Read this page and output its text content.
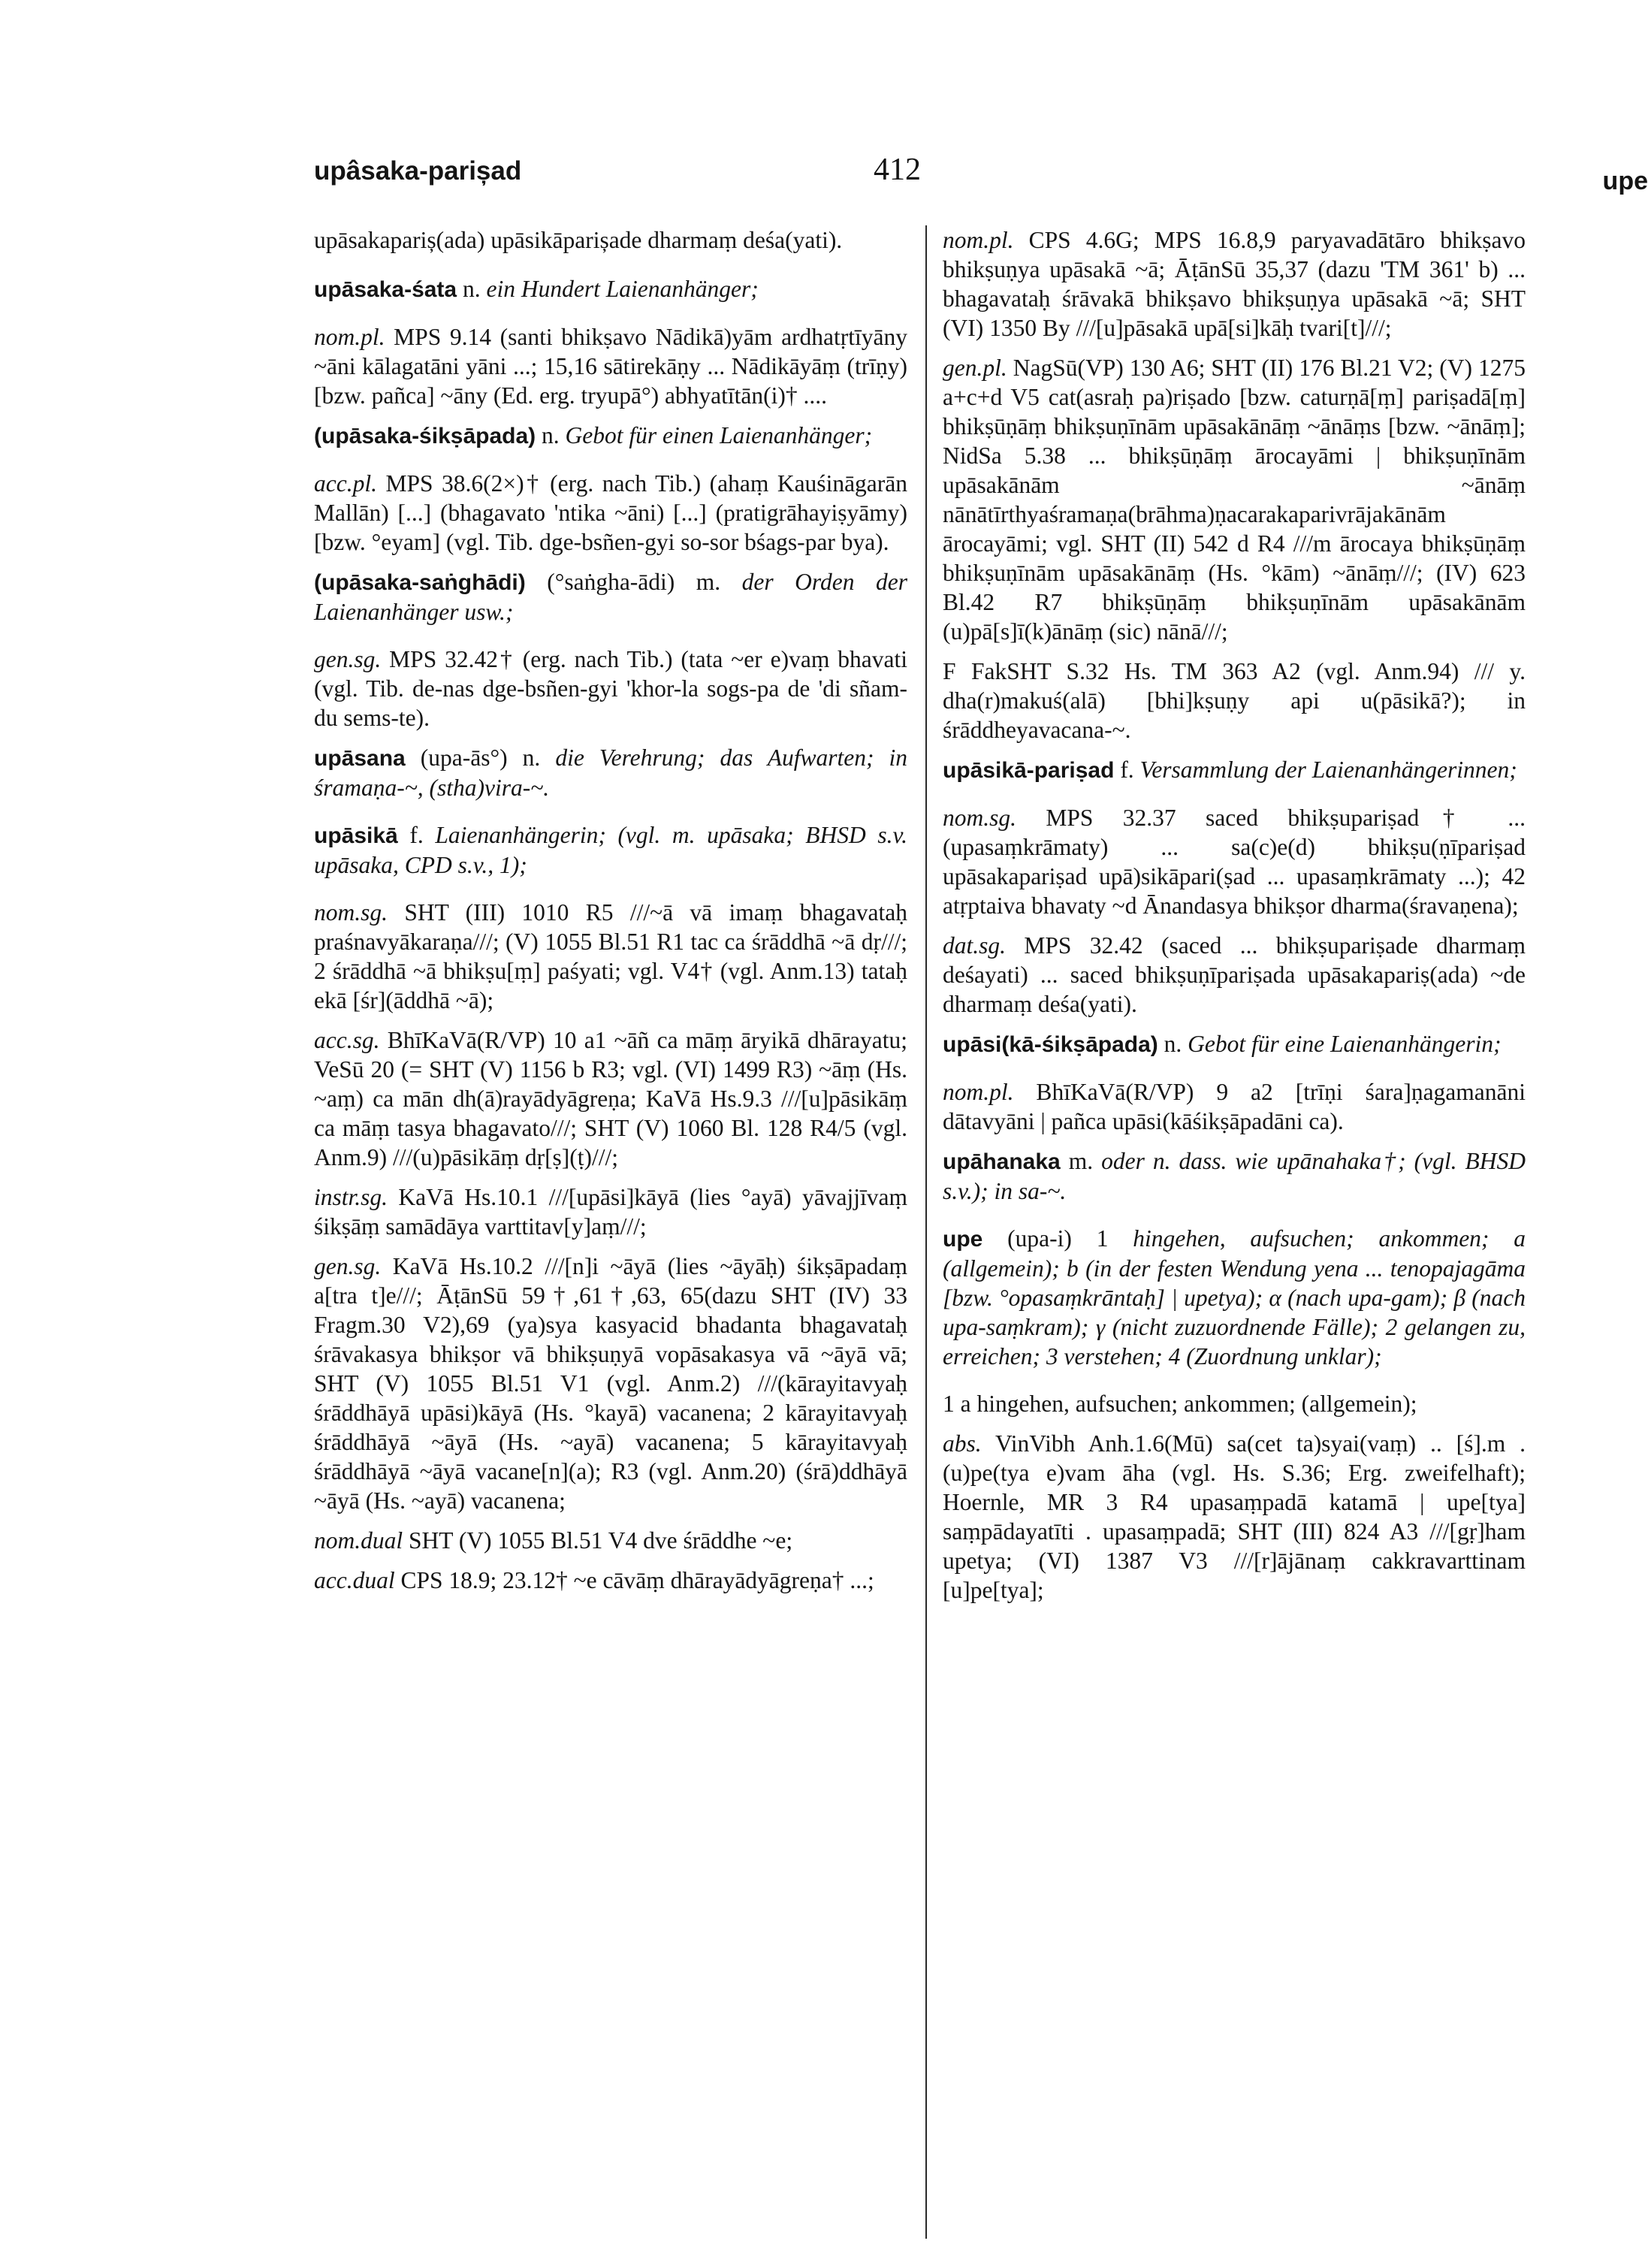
upâsaka-parișad	412	upe
upāsakapariș(ada) upāsikāparișade dharmaṃ deśa(yati).
upāsaka-śata n. ein Hundert Laienanhänger;
nom.pl. MPS 9.14 (santi bhikṣavo Nādikā)yām ardhatṛtīyāny ~āni kālagatāni yāni ...; 15,16 sātirekāṇy ... Nādikāyāṃ (trīṇy) [bzw. pañca] ~āny (Ed. erg. tryupā°) abhyatītān(i)† ....
(upāsaka-śikṣāpada) n. Gebot für einen Laienanhänger;
acc.pl. MPS 38.6(2×)† (erg. nach Tib.) (ahaṃ Kauśināgarān Mallān) [...] (bhagavato 'ntika ~āni) [...] (pratigrāhayiṣyāmy) [bzw. °eyam] (vgl. Tib. dge-bsñen-gyi so-sor bśags-par bya).
(upāsaka-saṅghādi) (°saṅgha-ādi) m. der Orden der Laienanhänger usw.;
gen.sg. MPS 32.42† (erg. nach Tib.) (tata ~er e)vaṃ bhavati (vgl. Tib. de-nas dge-bsñen-gyi 'khor-la sogs-pa de 'di sñam-du sems-te).
upāsana (upa-ās°) n. die Verehrung; das Aufwarten; in śramaṇa-~, (stha)vira-~.
upāsikā f. Laienanhängerin; (vgl. m. upāsaka; BHSD s.v. upāsaka, CPD s.v., 1);
nom.sg. SHT (III) 1010 R5 ///~ā vā imaṃ bhagavataḥ praśnavyākaraṇa///; (V) 1055 Bl.51 R1 tac ca śrāddhā ~ā dṛ///; 2 śrāddhā ~ā bhikṣu[ṃ] paśyati; vgl. V4† (vgl. Anm.13) tataḥ ekā [śr](āddhā ~ā);
acc.sg. BhīKaVā(R/VP) 10 a1 ~āñ ca māṃ āryikā dhārayatu; VeSū 20 (= SHT (V) 1156 b R3; vgl. (VI) 1499 R3) ~āṃ (Hs. ~aṃ) ca mān dh(ā)rayādyāgreṇa; KaVā Hs.9.3 ///[u]pāsikāṃ ca māṃ tasya bhagavato///; SHT (V) 1060 Bl. 128 R4/5 (vgl. Anm.9) ///(u)pāsikāṃ dṛ[ṣ](ṭ)///;
instr.sg. KaVā Hs.10.1 ///[upāsi]kāyā (lies °ayā) yāvajjīvaṃ śikṣāṃ samādāya varttitav[y]aṃ///;
gen.sg. KaVā Hs.10.2 ///[n]i ~āyā (lies ~āyāḥ) śikṣāpadaṃ a[tra t]e///; ĀṭānSū 59†,61†,63, 65(dazu SHT (IV) 33 Fragm.30 V2),69 (ya)sya kasyacid bhadanta bhagavataḥ śrāvakasya bhikṣor vā bhikṣuṇyā vopāsakasya vā ~āyā vā; SHT (V) 1055 Bl.51 V1 (vgl. Anm.2) ///(kārayitavyaḥ śrāddhāyā upāsi)kāyā (Hs. °kayā) vacanena; 2 kārayitavyaḥ śrāddhāyā ~āyā (Hs. ~ayā) vacanena; 5 kārayitavyaḥ śrāddhāyā ~āyā vacane[n](a); R3 (vgl. Anm.20) (śrā)ddhāyā ~āyā (Hs. ~ayā) vacanena;
nom.dual SHT (V) 1055 Bl.51 V4 dve śrāddhe ~e;
acc.dual CPS 18.9; 23.12† ~e cāvāṃ dhārayādyāgreṇa† ...;
nom.pl. CPS 4.6G; MPS 16.8,9 paryavadātāro bhikṣavo bhikṣuṇya upāsakā ~ā; ĀṭānSū 35,37 (dazu 'TM 361' b) ... bhagavataḥ śrāvakā bhikṣavo bhikṣuṇya upāsakā ~ā; SHT (VI) 1350 By ///[u]pāsakā upā[si]kāḥ tvari[t]///;
gen.pl. NagSū(VP) 130 A6; SHT (II) 176 Bl.21 V2; (V) 1275 a+c+d V5 cat(asraḥ pa)riṣado [bzw. caturṇā[ṃ] pariṣadā[ṃ] bhikṣūṇāṃ bhikṣuṇīnām upāsakānāṃ ~ānāṃs [bzw. ~ānāṃ]; NidSa 5.38 ... bhikṣūṇāṃ ārocayāmi | bhikṣuṇīnām upāsakānām ~ānāṃ nānātīrthyaśramaṇa(brāhma)ṇacarakaparivrājakānām ārocayāmi; vgl. SHT (II) 542 d R4 ///m ārocaya bhikṣūṇāṃ bhikṣuṇīnām upāsakānāṃ (Hs. °kām) ~ānāṃ///; (IV) 623 Bl.42 R7 bhikṣūṇāṃ bhikṣuṇīnām upāsakānām (u)pā[s]ī(k)ānāṃ (sic) nānā///;
F FakSHT S.32 Hs. TM 363 A2 (vgl. Anm.94) /// y. dha(r)makuś(alā) [bhi]kṣuṇy api u(pāsikā?); in śrāddheyavacana-~.
upāsikā-pariṣad f. Versammlung der Laienanhängerinnen;
nom.sg. MPS 32.37 saced bhikṣupariṣad† ... (upasaṃkrāmaty) ... sa(c)e(d) bhikṣu(ṇīpariṣad upāsakapariṣad upā)sikāpari(ṣad ... upasaṃkrāmaty ...); 42 atṛptaiva bhavaty ~d Ānandasya bhikṣor dharma(śravaṇena);
dat.sg. MPS 32.42 (saced ... bhikṣupariṣade dharmaṃ deśayati) ... saced bhikṣuṇīpariṣada upāsakapariṣ(ada) ~de dharmaṃ deśa(yati).
upāsi(kā-śikṣāpada) n. Gebot für eine Laienanhängerin;
nom.pl. BhīKaVā(R/VP) 9 a2 [trīṇi śara]ṇagamanāni dātavyāni | pañca upāsi(kāśikṣāpadāni ca).
upāhanaka m. oder n. dass. wie upānahaka†; (vgl. BHSD s.v.); in sa-~.
upe (upa-i) 1 hingehen, aufsuchen; ankommen; a (allgemein); b (in der festen Wendung yena ... tenopajagāma [bzw. °opasaṃkrāntaḥ] | upetya); α (nach upa-gam); β (nach upa-saṃkram); γ (nicht zuzuordnende Fälle); 2 gelangen zu, erreichen; 3 verstehen; 4 (Zuordnung unklar);
1 a hingehen, aufsuchen; ankommen; (allgemein);
abs. VinVibh Anh.1.6(Mū) sa(cet ta)syai(vaṃ) .. [ś].m .(u)pe(tya e)vam āha (vgl. Hs. S.36; Erg. zweifelhaft); Hoernle, MR 3 R4 upasaṃpadā katamā | upe[tya] saṃpādayatīti . upasaṃpadā; SHT (III) 824 A3 ///[gṛ]ham upetya; (VI) 1387 V3 ///[r]ājānaṃ cakkravarttinam [u]pe[tya];
